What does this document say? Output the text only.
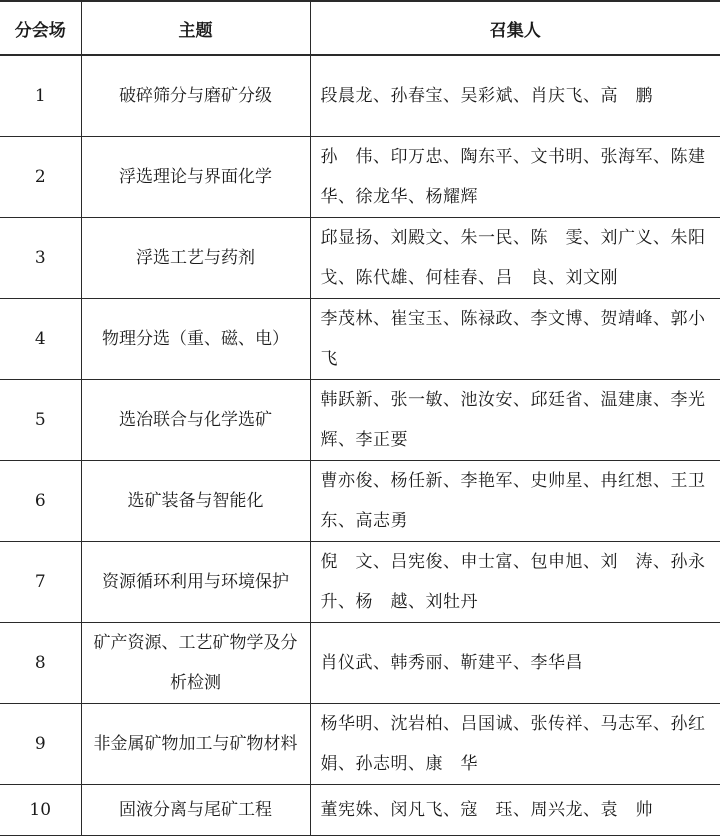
分会场	主题	召集人
1	破碎筛分与磨矿分级	段晨龙、孙春宝、吴彩斌、肖庆飞、高　鹏
2	浮选理论与界面化学	孙　伟、印万忠、陶东平、文书明、张海军、陈建华、徐龙华、杨耀辉
3	浮选工艺与药剂	邱显扬、刘殿文、朱一民、陈　雯、刘广义、朱阳戈、陈代雄、何桂春、吕　良、刘文刚
4	物理分选（重、磁、电）	李茂林、崔宝玉、陈禄政、李文博、贺靖峰、郭小飞
5	选冶联合与化学选矿	韩跃新、张一敏、池汝安、邱廷省、温建康、李光辉、李正要
6	选矿装备与智能化	曹亦俊、杨任新、李艳军、史帅星、冉红想、王卫东、高志勇
7	资源循环利用与环境保护	倪　文、吕宪俊、申士富、包申旭、刘　涛、孙永升、杨　越、刘牡丹
8	矿产资源、工艺矿物学及分析检测	肖仪武、韩秀丽、靳建平、李华昌
9	非金属矿物加工与矿物材料	杨华明、沈岩柏、吕国诚、张传祥、马志军、孙红娟、孙志明、康　华
10	固液分离与尾矿工程	董宪姝、闵凡飞、寇　珏、周兴龙、袁　帅
